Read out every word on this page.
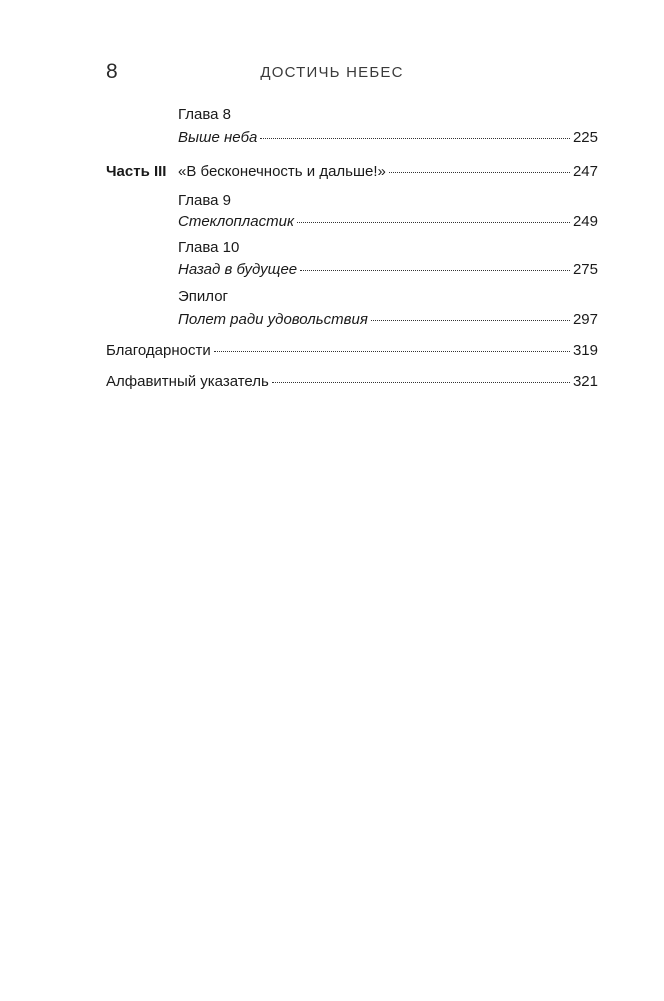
8	ДОСТИЧЬ НЕБЕС
Глава 8
Выше неба	225
Часть III «В бесконечность и дальше!»	247
Глава 9
Стеклопластик	249
Глава 10
Назад в будущее	275
Эпилог
Полет ради удовольствия	297
Благодарности	319
Алфавитный указатель	321
